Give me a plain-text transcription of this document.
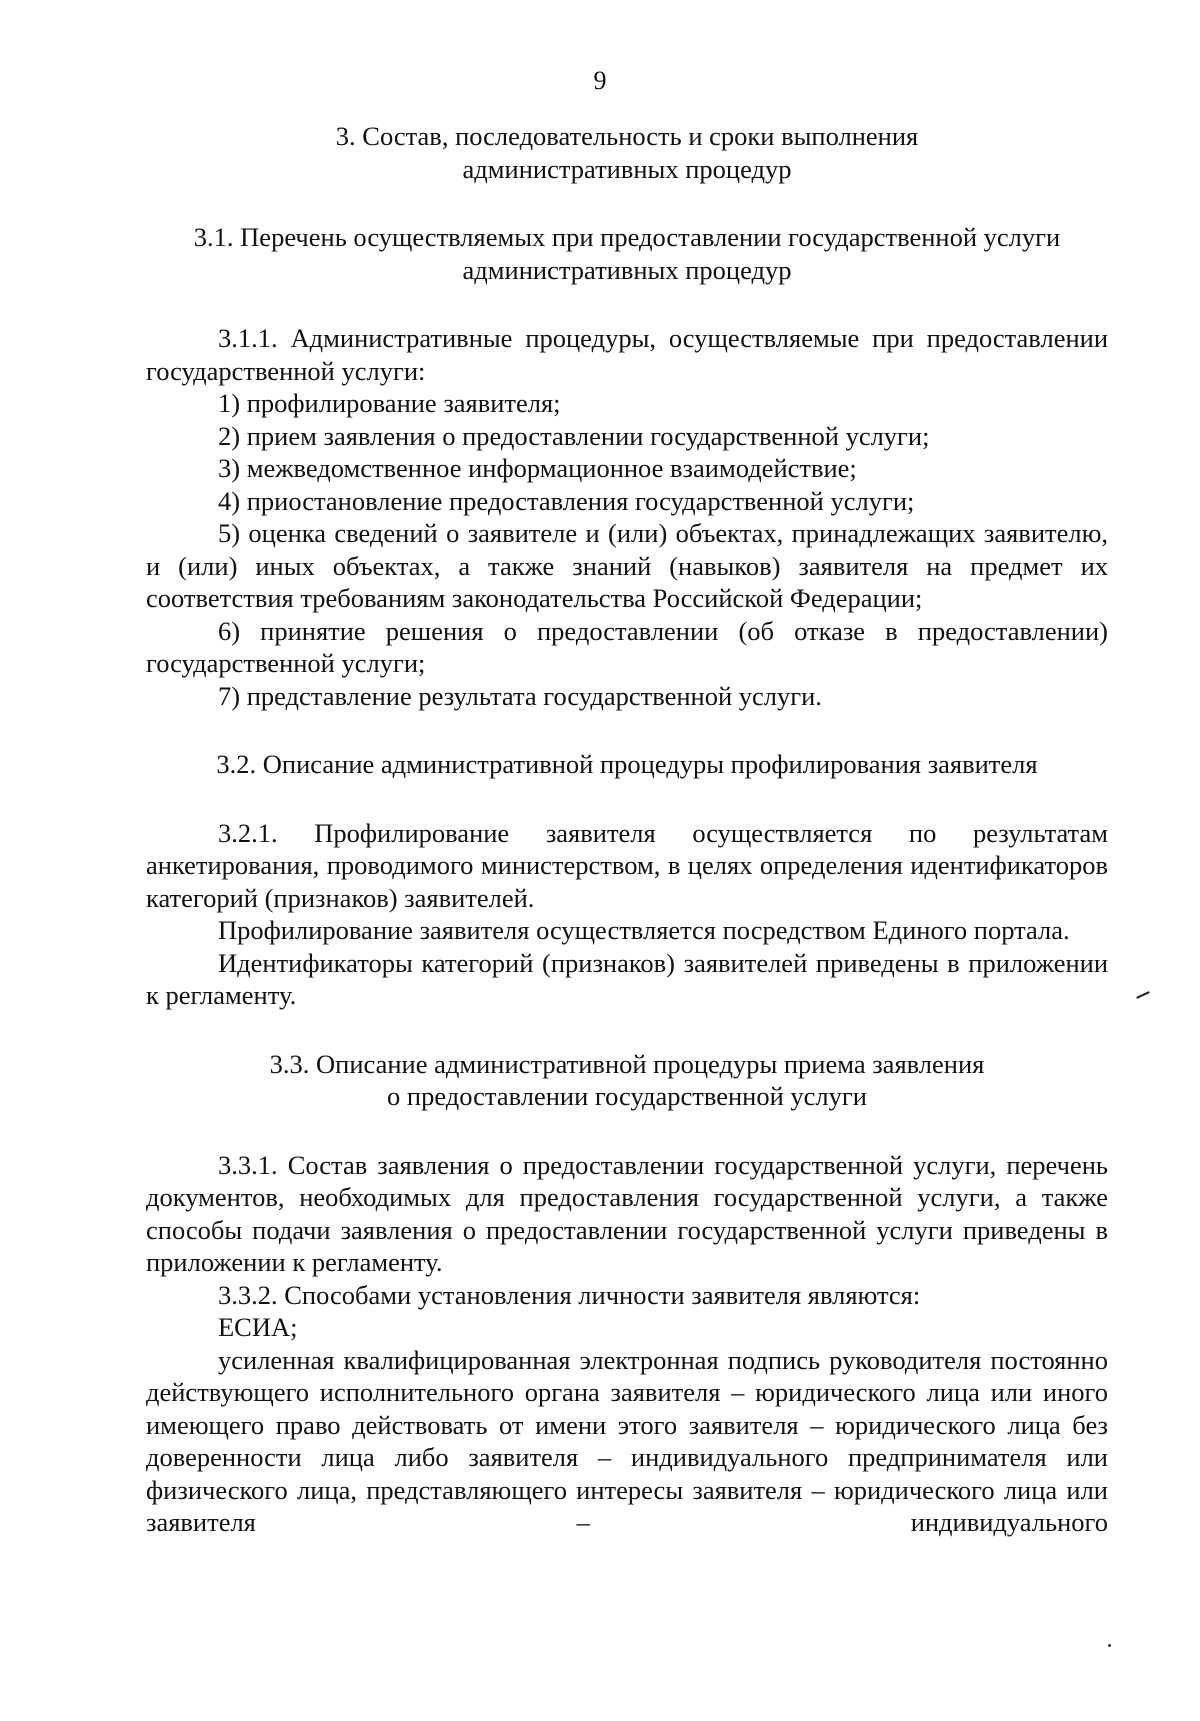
9
3. Состав, последовательность и сроки выполнения
административных процедур
3.1. Перечень осуществляемых при предоставлении государственной услуги
административных процедур

3.1.1. Административные процедуры, осуществляемые при предоставлении государственной услуги:

1) профилирование заявителя;

2) прием заявления о предоставлении государственной услуги;

3) межведомственное информационное взаимодействие;

4) приостановление предоставления государственной услуги;

5) оценка сведений о заявителе и (или) объектах, принадлежащих заявителю, и (или) иных объектах, а также знаний (навыков) заявителя на предмет их соответствия требованиям законодательства Российской Федерации;

6) принятие решения о предоставлении (об отказе в предоставлении) государственной услуги;

7) представление результата государственной услуги.

3.2. Описание административной процедуры профилирования заявителя

3.2.1. Профилирование заявителя осуществляется по результатам анкетирования, проводимого министерством, в целях определения идентификаторов категорий (признаков) заявителей.

Профилирование заявителя осуществляется посредством Единого портала.

Идентификаторы категорий (признаков) заявителей приведены в приложении к регламенту.

3.3. Описание административной процедуры приема заявления
о предоставлении государственной услуги

3.3.1. Состав заявления о предоставлении государственной услуги, перечень документов, необходимых для предоставления государственной услуги, а также способы подачи заявления о предоставлении государственной услуги приведены в приложении к регламенту.

3.3.2. Способами установления личности заявителя являются:

ЕСИА;

усиленная квалифицированная электронная подпись руководителя постоянно действующего исполнительного органа заявителя – юридического лица или иного имеющего право действовать от имени этого заявителя – юридического лица без доверенности лица либо заявителя – индивидуального предпринимателя или физического лица, представляющего интересы заявителя – юридического лица или заявителя – индивидуального
